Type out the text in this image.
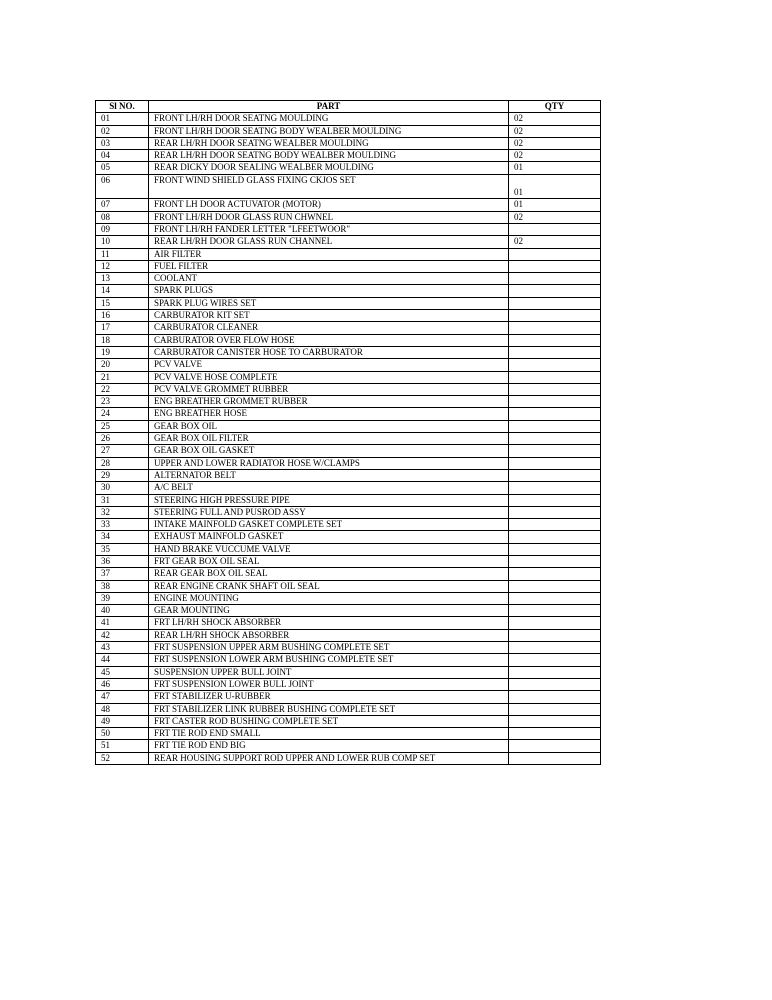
Sl NO.	PART	QTY
01	FRONT LH/RH DOOR SEATNG MOULDING	02
02	FRONT LH/RH DOOR SEATNG BODY WEALBER MOULDING	02
03	REAR LH/RH DOOR SEATNG WEALBER MOULDING	02
04	REAR LH/RH DOOR SEATNG BODY WEALBER MOULDING	02
05	REAR DICKY DOOR SEALING WEALBER MOULDING	01
06	FRONT WIND SHIELD GLASS FIXING CKJOS SET	01
07	FRONT LH DOOR ACTUVATOR (MOTOR)	01
08	FRONT LH/RH DOOR GLASS RUN CHWNEL	02
09	FRONT LH/RH FANDER LETTER "LFEETWOOR"	
10	REAR LH/RH DOOR GLASS RUN CHANNEL	02
11	AIR FILTER	
12	FUEL FILTER	
13	COOLANT	
14	SPARK PLUGS	
15	SPARK PLUG WIRES SET	
16	CARBURATOR KIT SET	
17	CARBURATOR CLEANER	
18	CARBURATOR OVER FLOW HOSE	
19	CARBURATOR CANISTER HOSE TO CARBURATOR	
20	PCV VALVE	
21	PCV VALVE HOSE COMPLETE	
22	PCV VALVE GROMMET RUBBER	
23	ENG BREATHER GROMMET RUBBER	
24	ENG BREATHER HOSE	
25	GEAR BOX OIL	
26	GEAR BOX OIL FILTER	
27	GEAR BOX OIL GASKET	
28	UPPER AND LOWER RADIATOR HOSE W/CLAMPS	
29	ALTERNATOR BELT	
30	A/C BELT	
31	STEERING HIGH PRESSURE PIPE	
32	STEERING FULL AND PUSROD ASSY	
33	INTAKE MAINFOLD GASKET COMPLETE SET	
34	EXHAUST MAINFOLD GASKET	
35	HAND BRAKE VUCCUME VALVE	
36	FRT GEAR BOX OIL SEAL	
37	REAR GEAR BOX OIL SEAL	
38	REAR ENGINE CRANK SHAFT OIL SEAL	
39	ENGINE MOUNTING	
40	GEAR MOUNTING	
41	FRT LH/RH SHOCK ABSORBER	
42	REAR LH/RH SHOCK ABSORBER	
43	FRT SUSPENSION UPPER ARM BUSHING COMPLETE SET	
44	FRT SUSPENSION LOWER ARM BUSHING COMPLETE SET	
45	SUSPENSION UPPER BULL JOINT	
46	FRT SUSPENSION LOWER BULL JOINT	
47	FRT STABILIZER U-RUBBER	
48	FRT STABILIZER LINK RUBBER BUSHING COMPLETE SET	
49	FRT CASTER ROD BUSHING COMPLETE SET	
50	FRT TIE ROD END SMALL	
51	FRT TIE ROD END BIG	
52	REAR HOUSING SUPPORT ROD UPPER AND LOWER RUB COMP SET	
